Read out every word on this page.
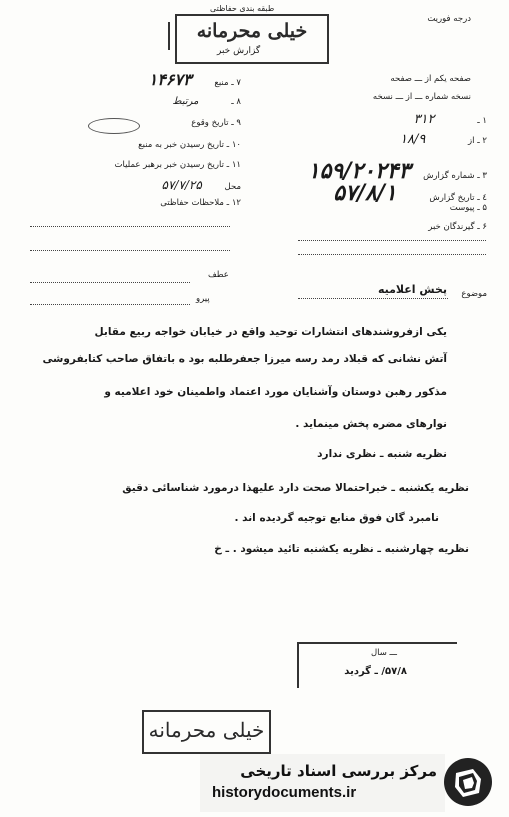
درجه فوریت
طبقه بندی حفاظتی
خیلی محرمانه
گزارش خبر
صفحه یکم از ـــ صفحه
نسخه شماره ـــ از ـــ نسخه
۱ ـ ۳۱۲
۲ ـ از ۱۸/۹
۳ ـ شماره گزارش ۱۵۹/۲۰۲۴۳
٤ ـ تاریخ گزارش ۵۷/۸/۱
۵ ـ پیوست
۶ ـ گیرندگان خبر
۷ ـ منبع ۱۴۶۷۳
۸ ـ مرتبط
۹ ـ تاریخ وقوع
۱۰ ـ تاریخ رسیدن خبر به منبع
۱۱ ـ تاریخ رسیدن خبر برهبر عملیات
محل ۵۷/۷/۲۵
۱۲ ـ ملاحظات حفاظتی
موضوع
پخش اعلامیه
عطف
پیرو
یکی ازفروشندهای انتشارات توحید واقع در خیابان خواجه ربیع مقابل
آتش نشانی که قبلاد رمد رسه میرزا جعفرطلبه بود ه باتفاق صاحب کتابفروشی
مذکور رهبن دوستان وآشنایان مورد اعتماد واطمینان خود اعلامیه و
نوارهای مضره پخش مینماید .
نظریه شنبه ـ نظری ندارد
نظریه یکشنبه ـ خبراحتمالا صحت دارد علیهذا درمورد شناسائی دقیق
نامبرد گان فوق منابع توجیه گردیده اند .
نظریه چهارشنبه ـ نظریه یکشنبه تائید میشود . ـ خ
ـــ سال
۵۷/۸/ ـ گردید
خیلی محرمانه
مرکز بررسی اسناد تاریخی
historydocuments.ir
